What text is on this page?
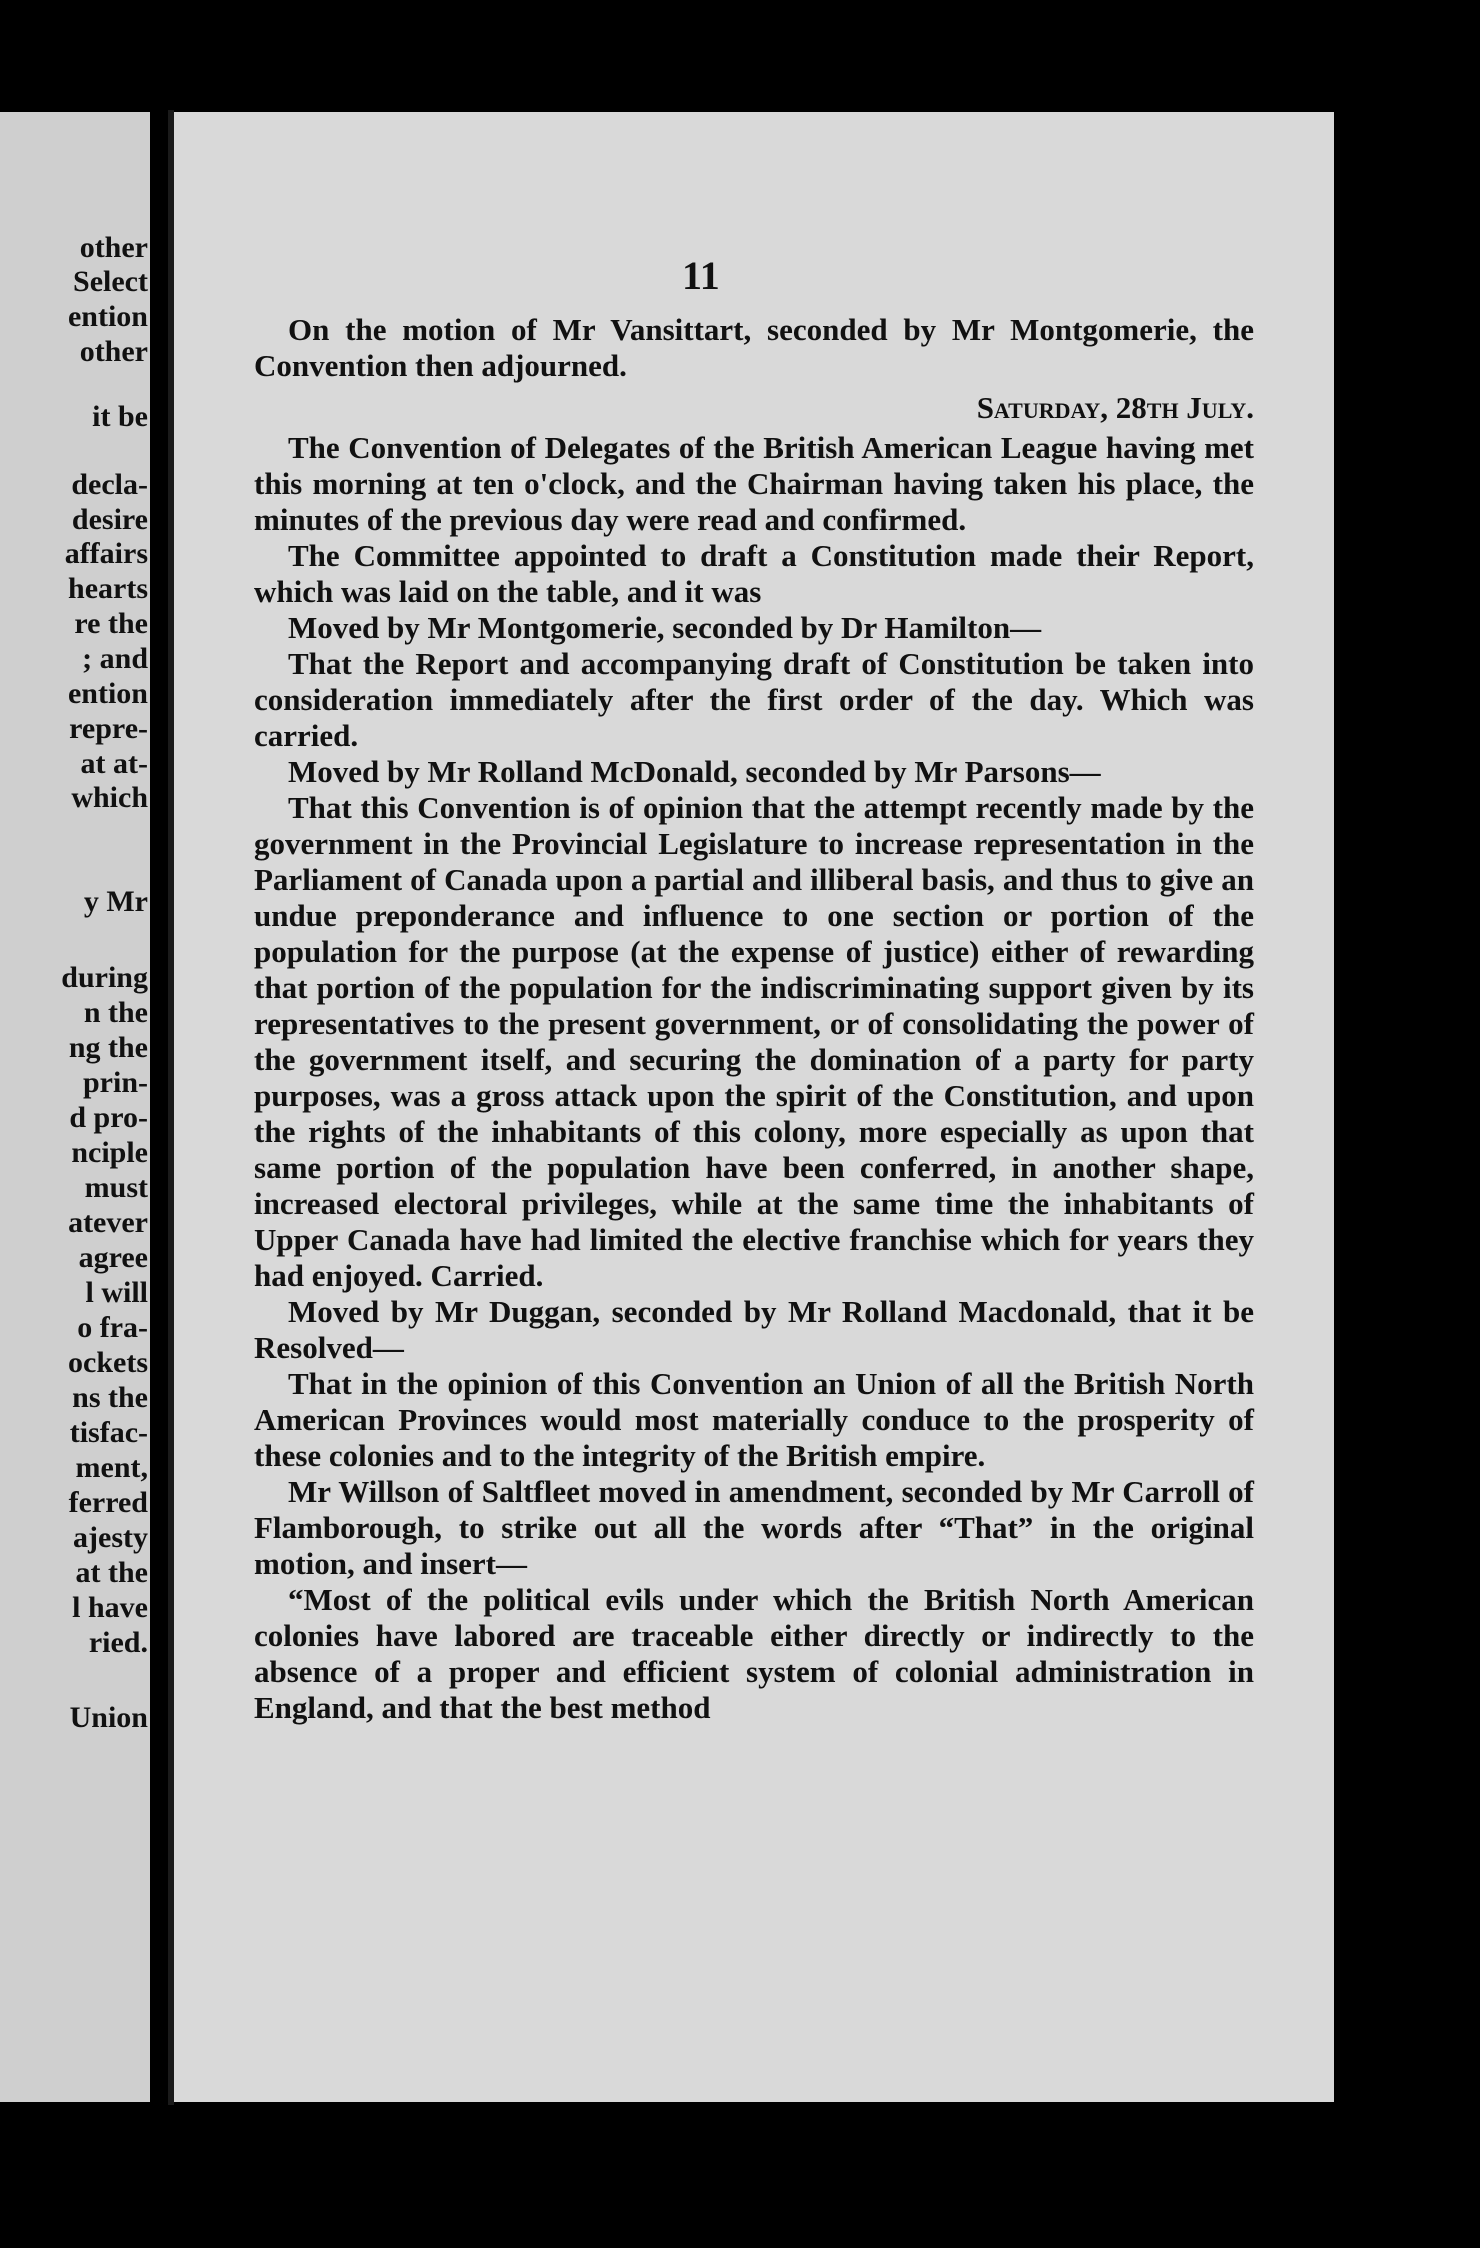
other
Select
ention
other
it be
decla-
desire
affairs
hearts
re the
; and
ention
repre-
at at-
which
y Mr
during
n the
ng the
prin-
d pro-
nciple
must
atever
agree
l will
o fra-
ockets
ns the
tisfac-
ment,
ferred
ajesty
at the
l have
ried.
Union
11

On the motion of Mr Vansittart, seconded by Mr Montgomerie, the Convention then adjourned.

Saturday, 28th July.

The Convention of Delegates of the British American League having met this morning at ten o'clock, and the Chairman having taken his place, the minutes of the previous day were read and confirmed.

The Committee appointed to draft a Constitution made their Report, which was laid on the table, and it was

Moved by Mr Montgomerie, seconded by Dr Hamilton—

That the Report and accompanying draft of Constitution be taken into consideration immediately after the first order of the day. Which was carried.

Moved by Mr Rolland McDonald, seconded by Mr Parsons—

That this Convention is of opinion that the attempt recently made by the government in the Provincial Legislature to increase representation in the Parliament of Canada upon a partial and illiberal basis, and thus to give an undue preponderance and influence to one section or portion of the population for the purpose (at the expense of justice) either of rewarding that portion of the population for the indiscriminating support given by its representatives to the present government, or of consolidating the power of the government itself, and securing the domination of a party for party purposes, was a gross attack upon the spirit of the Constitution, and upon the rights of the inhabitants of this colony, more especially as upon that same portion of the population have been conferred, in another shape, increased electoral privileges, while at the same time the inhabitants of Upper Canada have had limited the elective franchise which for years they had enjoyed. Carried.

Moved by Mr Duggan, seconded by Mr Rolland Macdonald, that it be Resolved—

That in the opinion of this Convention an Union of all the British North American Provinces would most materially conduce to the prosperity of these colonies and to the integrity of the British empire.

Mr Willson of Saltfleet moved in amendment, seconded by Mr Carroll of Flamborough, to strike out all the words after “That” in the original motion, and insert—

“Most of the political evils under which the British North American colonies have labored are traceable either directly or indirectly to the absence of a proper and efficient system of colonial administration in England, and that the best method
